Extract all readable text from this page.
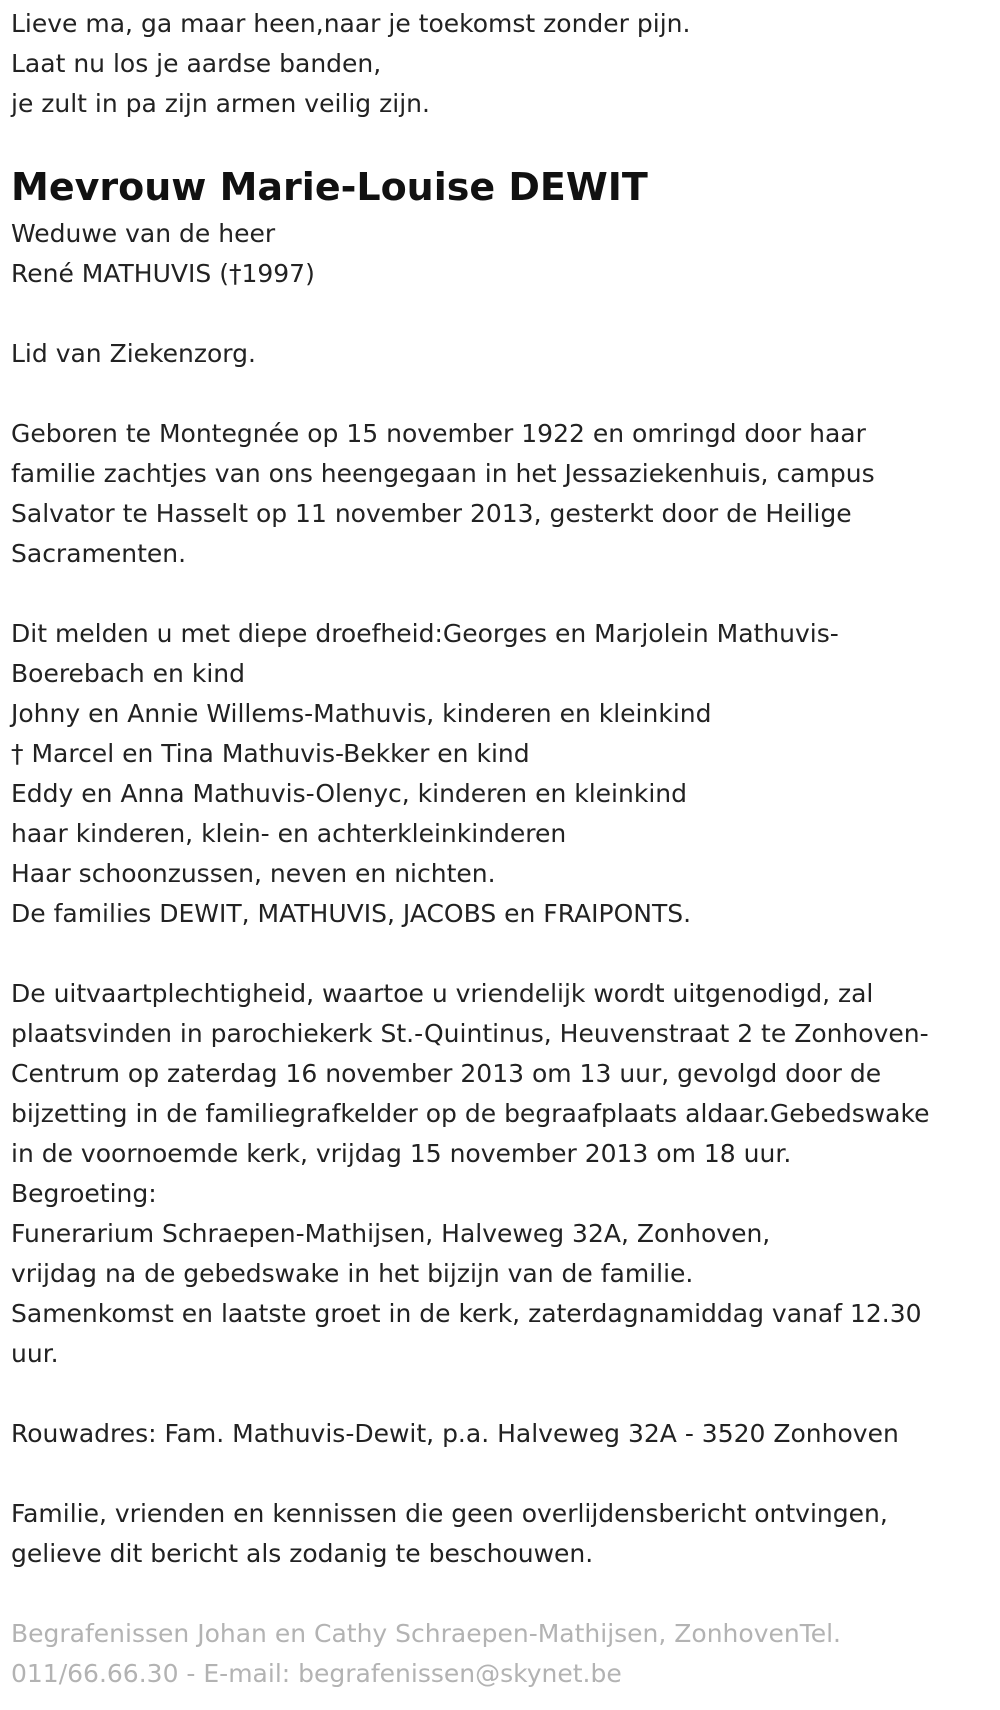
Lieve ma, ga maar heen,naar je toekomst zonder pijn.

Laat nu los je aardse banden,

je zult in pa zijn armen veilig zijn.

Mevrouw Marie-Louise DEWIT

Weduwe van de heer

René MATHUVIS (†1997)

Lid van Ziekenzorg.

Geboren te Montegnée op 15 november 1922 en omringd door haar

familie zachtjes van ons heengegaan in het Jessaziekenhuis, campus

Salvator te Hasselt op 11 november 2013, gesterkt door de Heilige

Sacramenten.

Dit melden u met diepe droefheid:Georges en Marjolein Mathuvis-

Boerebach en kind

Johny en Annie Willems-Mathuvis, kinderen en kleinkind

† Marcel en Tina Mathuvis-Bekker en kind

Eddy en Anna Mathuvis-Olenyc, kinderen en kleinkind

haar kinderen, klein- en achterkleinkinderen

Haar schoonzussen, neven en nichten.

De families DEWIT, MATHUVIS, JACOBS en FRAIPONTS.

De uitvaartplechtigheid, waartoe u vriendelijk wordt uitgenodigd, zal

plaatsvinden in parochiekerk St.-Quintinus, Heuvenstraat 2 te Zonhoven-

Centrum op zaterdag 16 november 2013 om 13 uur, gevolgd door de

bijzetting in de familiegrafkelder op de begraafplaats aldaar.Gebedswake

in de voornoemde kerk, vrijdag 15 november 2013 om 18 uur.

Begroeting:

Funerarium Schraepen-Mathijsen, Halveweg 32A, Zonhoven,

vrijdag na de gebedswake in het bijzijn van de familie.

Samenkomst en laatste groet in de kerk, zaterdagnamiddag vanaf 12.30

uur.

Rouwadres: Fam. Mathuvis-Dewit, p.a. Halveweg 32A - 3520 Zonhoven

Familie, vrienden en kennissen die geen overlijdensbericht ontvingen,

gelieve dit bericht als zodanig te beschouwen.

Begrafenissen Johan en Cathy Schraepen-Mathijsen, ZonhovenTel.

011/66.66.30 - E-mail: begrafenissen@skynet.be
